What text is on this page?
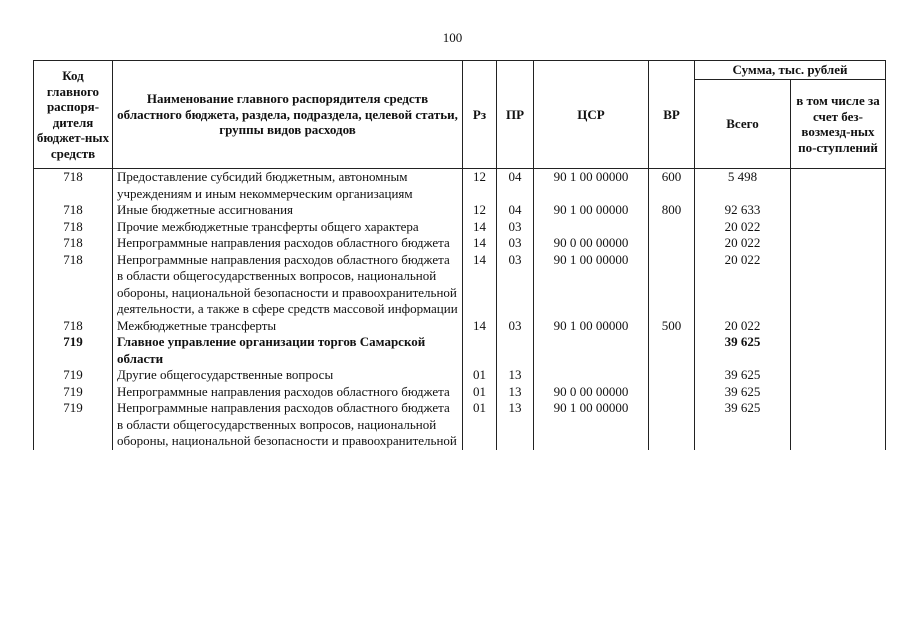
100
Код главного распоря-дителя бюджет-ных средств	Наименование главного распорядителя средств областного бюджета, раздела, подраздела, целевой статьи, группы видов расходов	Рз	ПР	ЦСР	ВР	Сумма, тыс. рублей	
						Всего	в том числе за счет без-возмезд-ных по-ступлений
718	Предоставление субсидий бюджетным, автономным учреждениям и иным некоммерческим организациям	12	04	90 1 00 00000	600	5 498	
718	Иные бюджетные ассигнования	12	04	90 1 00 00000	800	92 633	
718	Прочие межбюджетные трансферты общего характера	14	03			20 022	
718	Непрограммные направления расходов областного бюджета	14	03	90 0 00 00000		20 022	
718	Непрограммные направления расходов областного бюджета в области общегосударственных вопросов, национальной обороны, национальной безопасности и правоохранительной деятельности, а также в сфере средств массовой информации	14	03	90 1 00 00000		20 022	
718	Межбюджетные трансферты	14	03	90 1 00 00000	500	20 022	
719	Главное управление организации торгов Самарской области					39 625	
719	Другие общегосударственные вопросы	01	13			39 625	
719	Непрограммные направления расходов областного бюджета	01	13	90 0 00 00000		39 625	
719	Непрограммные направления расходов областного бюджета в области общегосударственных вопросов, национальной обороны, национальной безопасности и правоохранительной	01	13	90 1 00 00000		39 625	
